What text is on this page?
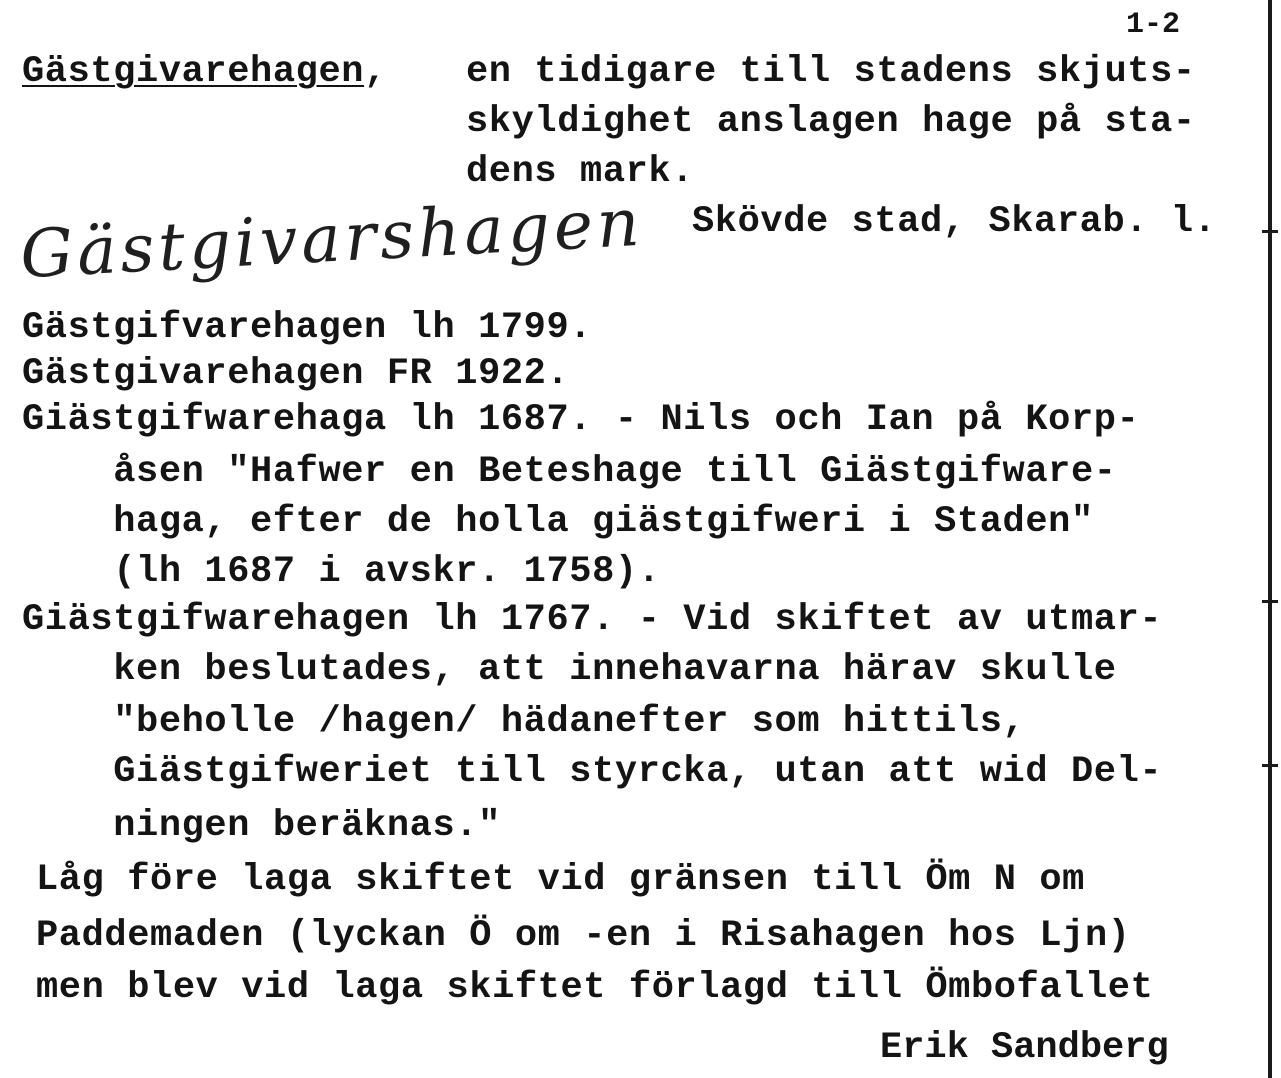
1-2
Gästgivarehagen, en tidigare till stadens skjuts-
skyldighet anslagen hage på sta-
dens mark.
Skövde stad, Skarab. l.
Gästgivarshagen
Gästgifvarehagen lh 1799.
Gästgivarehagen FR 1922.
Giästgifwarehaga lh 1687. - Nils och Ian på Korp-
åsen "Hafwer en Beteshage till Giästgifware-
haga, efter de holla giästgifweri i Staden"
(lh 1687 i avskr. 1758).
Giästgifwarehagen lh 1767. - Vid skiftet av utmar-
ken beslutades, att innehavarna härav skulle
"beholle /hagen/ hädanefter som hittils,
Giästgifweriet till styrcka, utan att wid Del-
ningen beräknas."
Låg före laga skiftet vid gränsen till Öm N om
Paddemaden (lyckan Ö om -en i Risahagen hos Ljn)
men blev vid laga skiftet förlagd till Ömbofallet
Erik Sandberg
